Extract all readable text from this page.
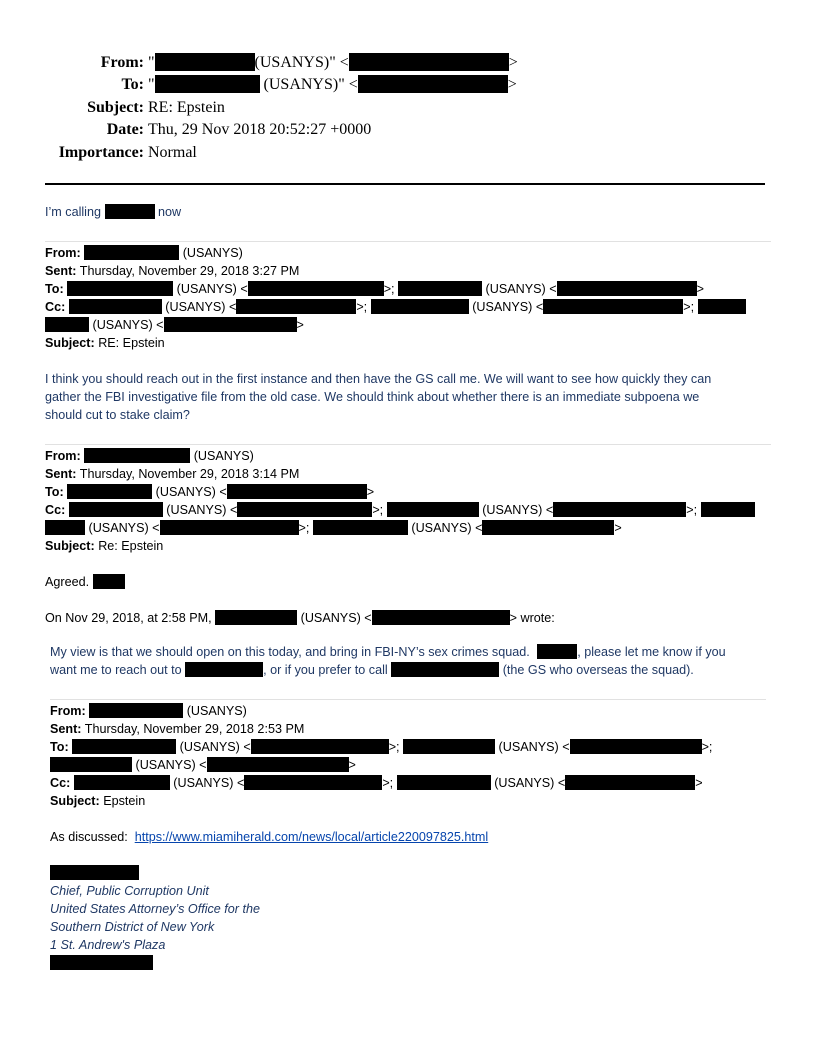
From: "	(USANYS)" <	>
To: "	(USANYS)" <	>
Subject: RE: Epstein
Date: Thu, 29 Nov 2018 20:52:27 +0000
Importance: Normal
I’m calling	now
From:	(USANYS)
Sent: Thursday, November 29, 2018 3:27 PM
To:	(USANYS) <	>;	(USANYS) <	>
Cc:	(USANYS) <	>;	(USANYS) <	>;
(USANYS) <	>
Subject: RE: Epstein
I think you should reach out in the first instance and then have the GS call me. We will want to see how quickly they can
gather the FBI investigative file from the old case. We should think about whether there is an immediate subpoena we
should cut to stake claim?
From:	(USANYS)
Sent: Thursday, November 29, 2018 3:14 PM
To:	(USANYS) <	>
Cc:	(USANYS) <	>;	(USANYS) <	>;
(USANYS) <	>;	(USANYS) <	>
Subject: Re: Epstein
Agreed.
On Nov 29, 2018, at 2:58 PM,	(USANYS) <	> wrote:
My view is that we should open on this today, and bring in FBI-NY’s sex crimes squad.	, please let me know if you
want me to reach out to	, or if you prefer to call	(the GS who overseas the squad).
From:	(USANYS)
Sent: Thursday, November 29, 2018 2:53 PM
To:	(USANYS) <	>;	(USANYS) <	>;
(USANYS) <	>
Cc:	(USANYS) <	>;	(USANYS) <	>
Subject: Epstein
As discussed: https://www.miamiherald.com/news/local/article220097825.html
Chief, Public Corruption Unit
United States Attorney’s Office for the
Southern District of New York
1 St. Andrew's Plaza
